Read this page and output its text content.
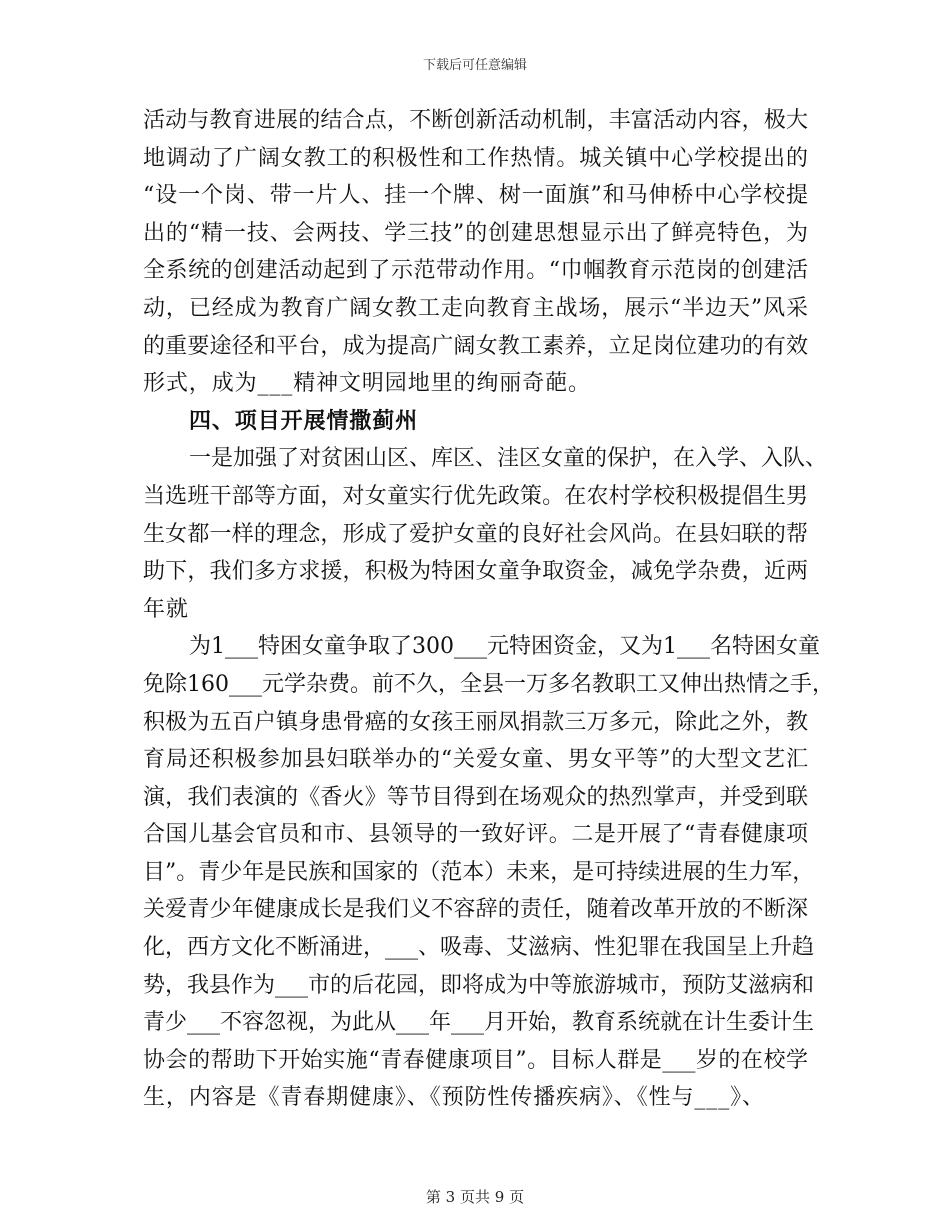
下载后可任意编辑
活动与教育进展的结合点，不断创新活动机制，丰富活动内容，极大
地调动了广阔女教工的积极性和工作热情。城关镇中心学校提出的
“设一个岗、带一片人、挂一个牌、树一面旗”和马伸桥中心学校提
出的“精一技、会两技、学三技”的创建思想显示出了鲜亮特色，为
全系统的创建活动起到了示范带动作用。“巾帼教育示范岗的创建活
动，已经成为教育广阔女教工走向教育主战场，展示“半边天”风采
的重要途径和平台，成为提高广阔女教工素养，立足岗位建功的有效
形式，成为___精神文明园地里的绚丽奇葩。
四、项目开展情撒蓟州
一是加强了对贫困山区、库区、洼区女童的保护，在入学、入队、
当选班干部等方面，对女童实行优先政策。在农村学校积极提倡生男
生女都一样的理念，形成了爱护女童的良好社会风尚。在县妇联的帮
助下，我们多方求援，积极为特困女童争取资金，减免学杂费，近两
年就
为1___特困女童争取了300___元特困资金，又为1___名特困女童
免除160___元学杂费。前不久，全县一万多名教职工又伸出热情之手，
积极为五百户镇身患骨癌的女孩王丽凤捐款三万多元，除此之外，教
育局还积极参加县妇联举办的“关爱女童、男女平等”的大型文艺汇
演，我们表演的《香火》等节目得到在场观众的热烈掌声，并受到联
合国儿基会官员和市、县领导的一致好评。二是开展了“青春健康项
目”。青少年是民族和国家的（范本）未来，是可持续进展的生力军，
关爱青少年健康成长是我们义不容辞的责任，随着改革开放的不断深
化，西方文化不断涌进，___、吸毒、艾滋病、性犯罪在我国呈上升趋
势，我县作为___市的后花园，即将成为中等旅游城市，预防艾滋病和
青少___不容忽视，为此从___年___月开始，教育系统就在计生委计生
协会的帮助下开始实施“青春健康项目”。目标人群是___岁的在校学
生，内容是《青春期健康》、《预防性传播疾病》、《性与___》、
第 3 页共 9 页
